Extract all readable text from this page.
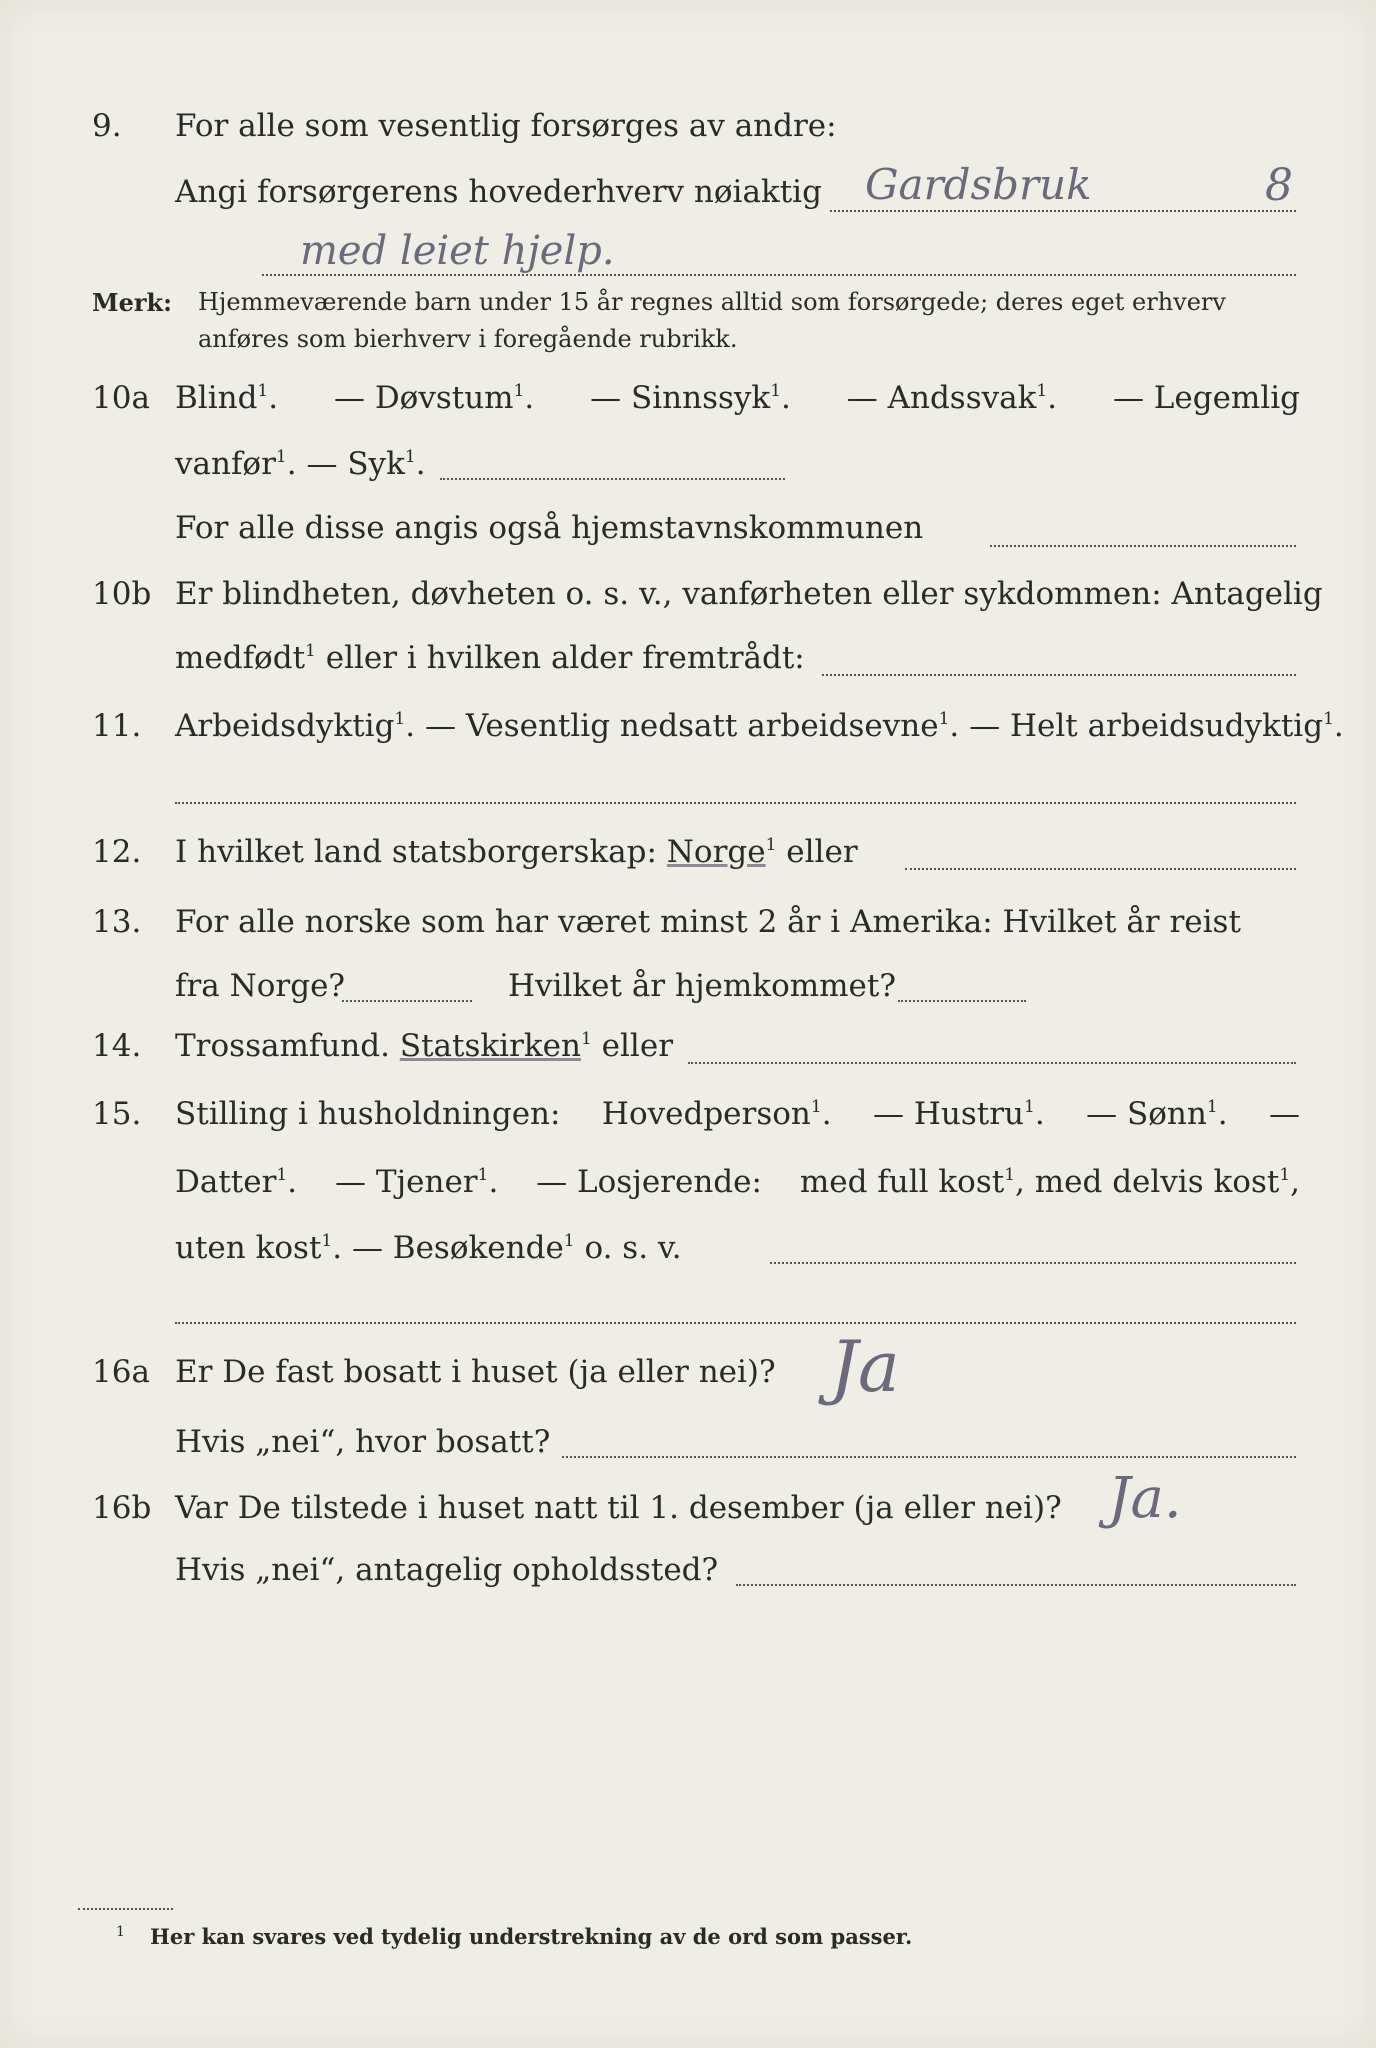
9. For alle som vesentlig forsørges av andre:
Angi forsørgerens hovederhverv nøiaktig Gardsbruk	8
med leiet hjelp.
Merk: Hjemmeværende barn under 15 år regnes alltid som forsørgede; deres eget erhverv
anføres som bierhverv i foregående rubrikk.
10a Blind$^1$. — Døvstum$^1$. — Sinnssyk$^1$. — Andssvak$^1$. — Legemlig
vanfør$^1$. — Syk$^1$.
For alle disse angis også hjemstavnskommunen
10b Er blindheten, døvheten o. s. v., vanførheten eller sykdommen: Antagelig
medfødt$^1$ eller i hvilken alder fremtrådt:
11. Arbeidsdyktig$^1$. — Vesentlig nedsatt arbeidsevne$^1$. — Helt arbeidsudyktig$^1$.
12. I hvilket land statsborgerskap: Norge$^1$ eller
13. For alle norske som har været minst 2 år i Amerika: Hvilket år reist
fra Norge?	Hvilket år hjemkommet?
14. Trossamfund. Statskirken$^1$ eller
15. Stilling i husholdningen: Hovedperson$^1$. — Hustru$^1$. — Sønn$^1$. —
Datter$^1$. — Tjener$^1$. — Losjerende: med full kost$^1$, med delvis kost$^1$,
uten kost$^1$. — Besøkende$^1$ o. s. v.
16a Er De fast bosatt i huset (ja eller nei)? Ja
Hvis „nei“, hvor bosatt?
16b Var De tilstede i huset natt til 1. desember (ja eller nei)? Ja.
Hvis „nei“, antagelig opholdssted?
1 Her kan svares ved tydelig understrekning av de ord som passer.
